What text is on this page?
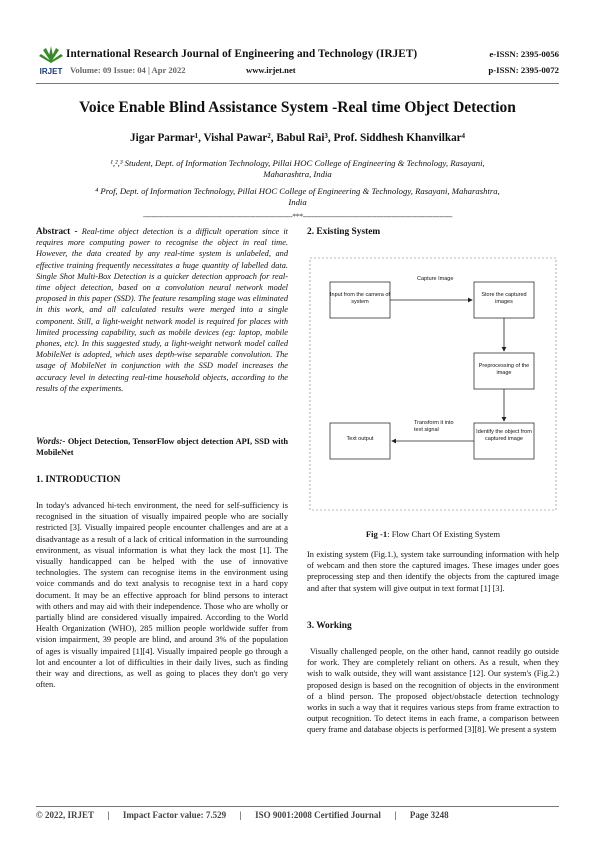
IRJET
International Research Journal of Engineering and Technology (IRJET)
Volume: 09 Issue: 04 | Apr 2022	www.irjet.net
e-ISSN: 2395-0056
p-ISSN: 2395-0072
Voice Enable Blind Assistance System -Real time Object Detection
Jigar Parmar¹, Vishal Pawar², Babul Rai³, Prof. Siddhesh Khanvilkar⁴
¹,²,³ Student, Dept. of Information Technology, Pillai HOC College of Engineering & Technology, Rasayani,
Maharashtra, India
⁴ Prof, Dept. of Information Technology, Pillai HOC College of Engineering & Technology, Rasayani, Maharashtra,
India
---------------------------------------------------------------------***---------------------------------------------------------------------
Abstract - Real-time object detection is a difficult operation since it requires more computing power to recognise the object in real time. However, the data created by any real-time system is unlabeled, and effective training frequently necessitates a huge quantity of labelled data. Single Shot Multi-Box Detection is a quicker detection approach for real-time object detection, based on a convolution neural network model proposed in this paper (SSD). The feature resampling stage was eliminated in this work, and all calculated results were merged into a single component. Still, a light-weight network model is required for places with limited processing capability, such as mobile devices (eg: laptop, mobile phones, etc). In this suggested study, a light-weight network model called MobileNet is adopted, which uses depth-wise separable convolution. The usage of MobileNet in conjunction with the SSD model increases the accuracy level in detecting real-time household objects, according to the results of the experiments.
Words:- Object Detection, TensorFlow object detection API, SSD with MobileNet
1. INTRODUCTION
In today's advanced hi-tech environment, the need for self-sufficiency is recognised in the situation of visually impaired people who are socially restricted [3]. Visually impaired people encounter challenges and are at a disadvantage as a result of a lack of critical information in the surrounding environment, as visual information is what they lack the most [1]. The visually handicapped can be helped with the use of innovative technologies. The system can recognise items in the environment using voice commands and do text analysis to recognise text in a hard copy document. It may be an effective approach for blind persons to interact with others and may aid with their independence. Those who are wholly or partially blind are considered visually impaired. According to the World Health Organization (WHO), 285 million people worldwide suffer from vision impairment, 39 people are blind, and around 3% of the population of ages is visually impaired [1][4]. Visually impaired people go through a lot and encounter a lot of difficulties in their daily lives, such as finding their way and directions, as well as going to places they don't go very often.
2. Existing System
Input from the camera of system
Store the captured images
Preprocessing of the image
Identify the object from captured image
Text output
Capture Image
Transform it into text signal
Fig -1: Flow Chart Of Existing System
In existing system (Fig.1.), system take surrounding information with help of webcam and then store the captured images. These images under goes preprocessing step and then identify the objects from the captured image and after that system will give output in text format [1] [3].
3. Working
Visually challenged people, on the other hand, cannot readily go outside for work. They are completely reliant on others. As a result, when they wish to walk outside, they will want assistance [12]. Our system's (Fig.2.) proposed design is based on the recognition of objects in the environment of a blind person. The proposed object/obstacle detection technology works in such a way that it requires various steps from frame extraction to output recognition. To detect items in each frame, a comparison between query frame and database objects is performed [3][8]. We present a system
© 2022, IRJET      |      Impact Factor value: 7.529      |      ISO 9001:2008 Certified Journal      |      Page 3248
